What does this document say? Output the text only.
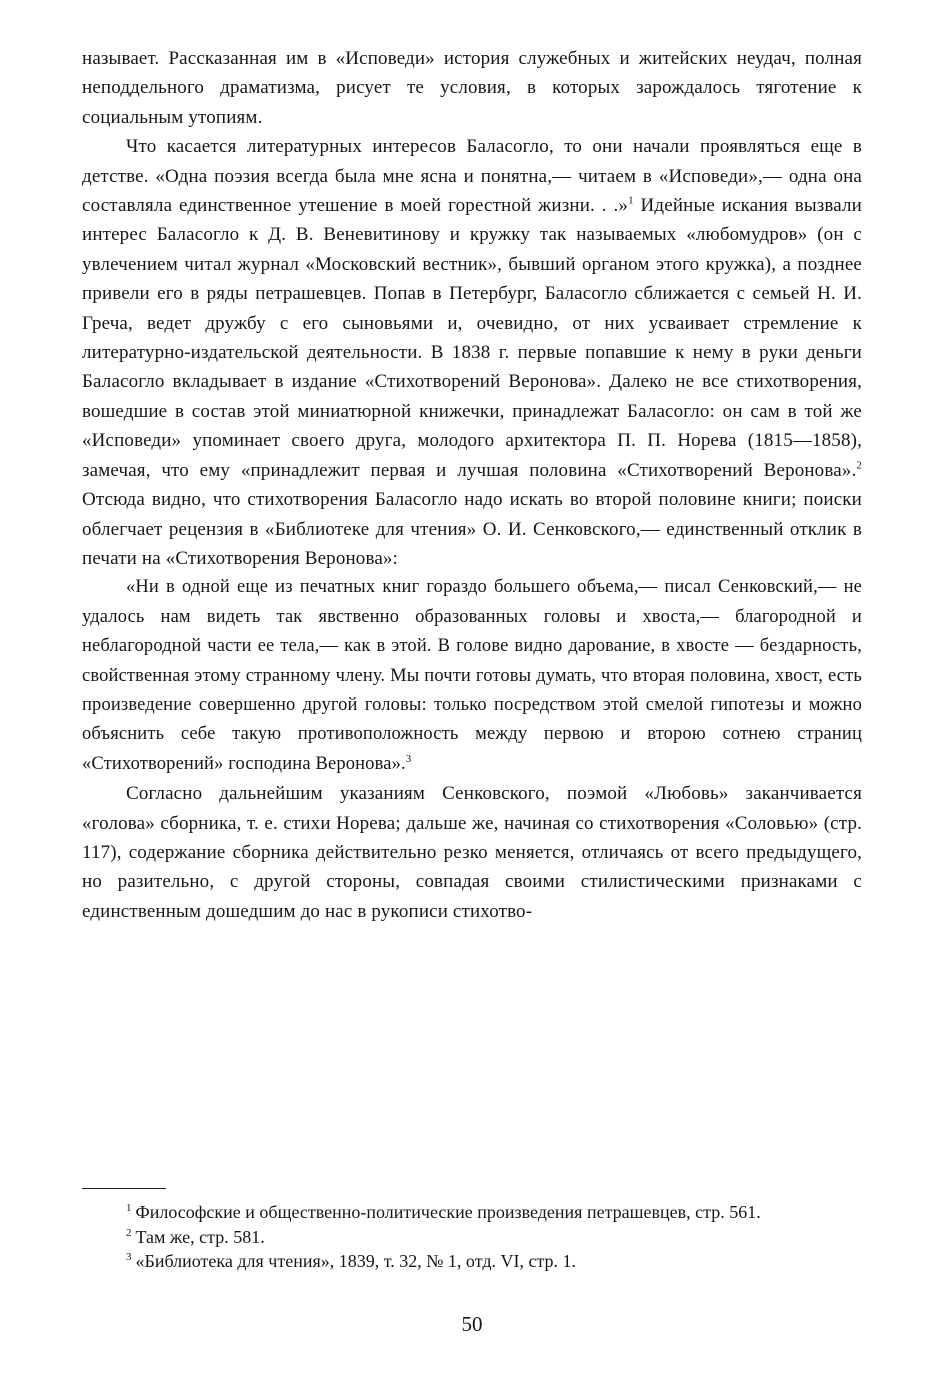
называет. Рассказанная им в «Исповеди» история служебных и житейских неудач, полная неподдельного драматизма, рисует те условия, в которых зарождалось тяготение к социальным утопиям.

Что касается литературных интересов Баласогло, то они начали проявляться еще в детстве. «Одна поэзия всегда была мне ясна и понятна,— читаем в «Исповеди»,— одна она составляла единственное утешение в моей горестной жизни. . .»$^1$ Идейные искания вызвали интерес Баласогло к Д. В. Веневитинову и кружку так называемых «любомудров» (он с увлечением читал журнал «Московский вестник», бывший органом этого кружка), а позднее привели его в ряды петрашевцев. Попав в Петербург, Баласогло сближается с семьей Н. И. Греча, ведет дружбу с его сыновьями и, очевидно, от них усваивает стремление к литературно-издательской деятельности. В 1838 г. первые попавшие к нему в руки деньги Баласогло вкладывает в издание «Стихотворений Веронова». Далеко не все стихотворения, вошедшие в состав этой миниатюрной книжечки, принадлежат Баласогло: он сам в той же «Исповеди» упоминает своего друга, молодого архитектора П. П. Норева (1815—1858), замечая, что ему «принадлежит первая и лучшая половина «Стихотворений Веронова».$^2$ Отсюда видно, что стихотворения Баласогло надо искать во второй половине книги; поиски облегчает рецензия в «Библиотеке для чтения» О. И. Сенковского,— единственный отклик в печати на «Стихотворения Веронова»:

«Ни в одной еще из печатных книг гораздо большего объема,— писал Сенковский,— не удалось нам видеть так явственно образованных головы и хвоста,— благородной и неблагородной части ее тела,— как в этой. В голове видно дарование, в хвосте — бездарность, свойственная этому странному члену. Мы почти готовы думать, что вторая половина, хвост, есть произведение совершенно другой головы: только посредством этой смелой гипотезы и можно объяснить себе такую противоположность между первою и второю сотнею страниц «Стихотворений» господина Веронова».$^3$

Согласно дальнейшим указаниям Сенковского, поэмой «Любовь» заканчивается «голова» сборника, т. е. стихи Норева; дальше же, начиная со стихотворения «Соловью» (стр. 117), содержание сборника действительно резко меняется, отличаясь от всего предыдущего, но разительно, с другой стороны, совпадая своими стилистическими признаками с единственным дошедшим до нас в рукописи стихотво-

$^1$ Философские и общественно-политические произведения петрашевцев, стр. 561.

$^2$ Там же, стр. 581.

$^3$ «Библиотека для чтения», 1839, т. 32, № 1, отд. VI, стр. 1.

50
